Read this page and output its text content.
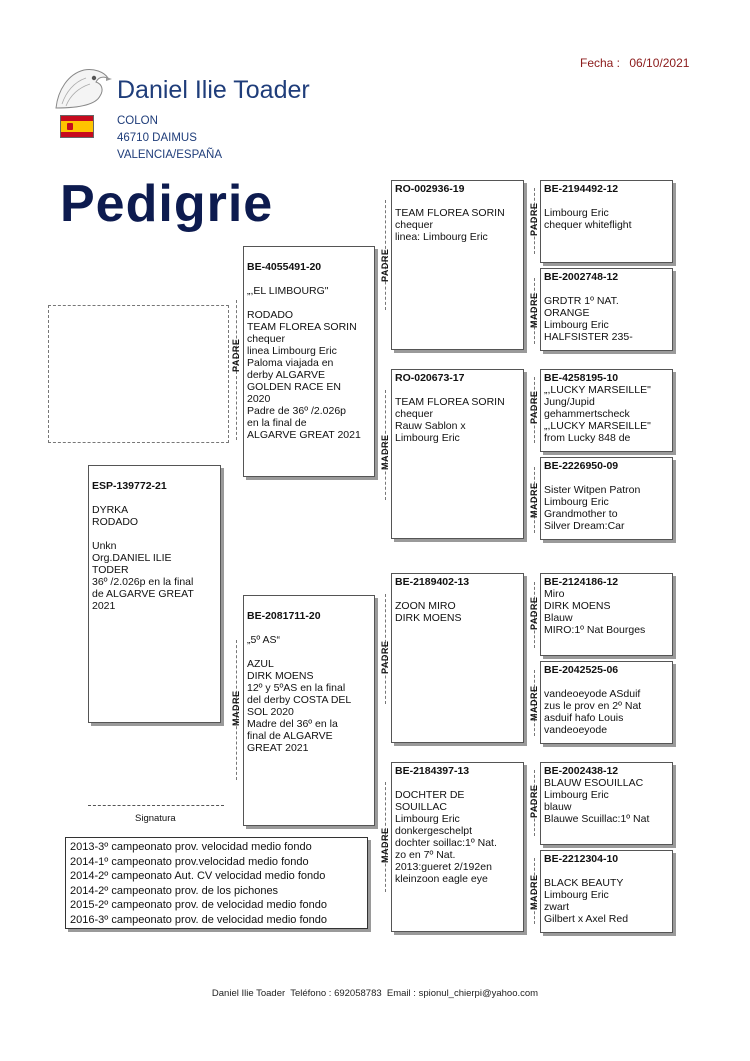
Fecha : 06/10/2021
Daniel Ilie Toader
COLON
46710 DAIMUS
VALENCIA/ESPAÑA
Pedigrie

ESP-139772-21

DYRKA
RODADO

Unkn
Org.DANIEL ILIE
TODER
36º /2.026p en la final
de ALGARVE GREAT
2021

Signatura

BE-4055491-20

„,EL LIMBOURG"

RODADO
TEAM FLOREA SORIN
chequer
linea Limbourg Eric
Paloma viajada en
derby ALGARVE
GOLDEN RACE EN
2020
Padre de 36º /2.026p
en la final de
ALGARVE GREAT 2021

PADRE

BE-2081711-20

„5º AS“

AZUL
DIRK MOENS
12º y 5ºAS en la final
del derby COSTA DEL
SOL 2020
Madre del 36º en la
final de ALGARVE
GREAT 2021

MADRE
RO-002936-19

TEAM FLOREA SORIN
chequer
linea: Limbourg Eric
PADRE
RO-020673-17

TEAM FLOREA SORIN
chequer
Rauw Sablon x
Limbourg Eric
MADRE
BE-2189402-13

ZOON MIRO
DIRK MOENS
PADRE
BE-2184397-13

DOCHTER DE
SOUILLAC
Limbourg Eric
donkergeschelpt
dochter soillac:1º Nat.
zo en 7º Nat.
2013:gueret 2/192en
kleinzoon eagle eye
MADRE
BE-2194492-12

Limbourg Eric
chequer whiteflight
PADRE
BE-2002748-12

GRDTR 1º NAT.
ORANGE
Limbourg Eric
HALFSISTER 235-
MADRE
BE-4258195-10
„,LUCKY MARSEILLE"
Jung/Jupid
gehammertscheck
„,LUCKY MARSEILLE"
from Lucky 848 de
PADRE
BE-2226950-09

Sister Witpen Patron
Limbourg Eric
Grandmother to
Silver Dream:Car
MADRE
BE-2124186-12
Miro
DIRK MOENS
Blauw
MIRO:1º Nat Bourges
PADRE
BE-2042525-06

vandeoeyode ASduif
zus le prov en 2º Nat
asduif hafo Louis
vandeoeyode
MADRE
BE-2002438-12
BLAUW ESOUILLAC
Limbourg Eric
blauw
Blauwe Scuillac:1º Nat
PADRE
BE-2212304-10

BLACK BEAUTY
Limbourg Eric
zwart
Gilbert x Axel Red
MADRE
2013-3º campeonato prov. velocidad medio fondo
2014-1º campeonato prov.velocidad medio fondo
2014-2º campeonato Aut. CV velocidad medio fondo
2014-2º campeonato prov. de los pichones
2015-2º campeonato prov. de velocidad medio fondo
2016-3º campeonato prov. de velocidad medio fondo
Daniel Ilie Toader  Teléfono : 692058783  Email : spionul_chierpi@yahoo.com
